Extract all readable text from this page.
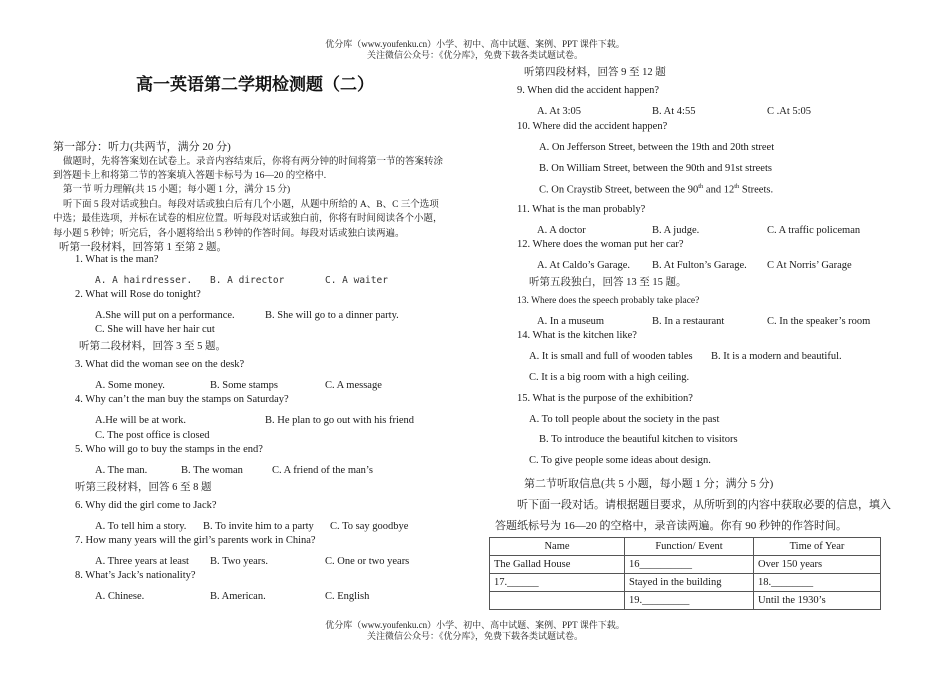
优分库（www.youfenku.cn）小学、初中、高中试题、案例、PPT 课件下载。
关注微信公众号：《优分库》，免费下载各类试题试卷。
高一英语第二学期检测题（二）
第一部分：听力(共两节，满分 20 分)
做题时，先将答案划在试卷上。录音内容结束后，你将有两分钟的时间将第一节的答案转涂
到答题卡上和将第二节的答案填入答题卡标号为 16—20 的空格中.
第一节 听力理解(共 15 小题；每小题 1 分，满分 15 分)
听下面 5 段对话或独白。每段对话或独白后有几个小题，从题中所给的 A、B、C 三个选项
中选；最佳选项，并标在试卷的相应位置。听每段对话或独白前，你将有时间阅读各个小题，
每小题 5 秒钟；听完后，各小题将给出 5 秒钟的作答时间。每段对话或独白读两遍。
听第一段材料，回答第 1 至第 2 题。
1. What is the man?
A. A hairdresser. B. A director	C. A waiter
2. What will Rose do tonight?
A.She will put on a performance.	B. She will go to a dinner party.
C. She will have her hair cut
听第二段材料，回答 3 至 5 题。
3. What did the woman see on the desk?
A. Some money.	B. Some stamps	C. A message
4. Why can’t the man buy the stamps on Saturday?
A.He will be at work.	B. He plan to go out with his friend
C. The post office is closed
5. Who will go to buy the stamps in the end?
A. The man.	B. The woman	C. A friend of the man’s
听第三段材料，回答 6 至 8 题
6. Why did the girl come to Jack?
A. To tell him a story. B. To invite him to a party C. To say goodbye
7. How many years will the girl’s parents work in China?
A. Three years at least B. Two years.	C. One or two years
8. What’s Jack’s nationality?
A. Chinese.	B. American.	C. English
听第四段材料，回答 9 至 12 题
9. When did the accident happen?
A. At 3:05	B. At 4:55	C .At 5:05
10. Where did the accident happen?
A. On Jefferson Street, between the 19th and 20th street
B. On William Street, between the 90th and 91st streets
C. On Craystib Street, between the 90th and 12th Streets.
11. What is the man probably?
A. A doctor	B. A judge.	C. A traffic policeman
12. Where does the woman put her car?
A. At Caldo’s Garage. B. At Fulton’s Garage. C At Norris’ Garage
听第五段独白，回答 13 至 15 题。
13. Where does the speech probably take place?
A. In a museum	B. In a restaurant	C. In the speaker’s room
14. What is the kitchen like?
A. It is small and full of wooden tables B. It is a modern and beautiful.
C. It is a big room with a high ceiling.
15. What is the purpose of the exhibition?
A. To toll people about the society in the past
B. To introduce the beautiful kitchen to visitors
C. To give people some ideas about design.
第二节听取信息(共 5 小题，每小题 1 分；满分 5 分)
听下面一段对话。请根据题目要求，从所听到的内容中获取必要的信息，填入
答题纸标号为 16—20 的空格中，录音读两遍。你有 90 秒钟的作答时间。
Name	Function/ Event	Time of Year
The Gallad House	16__________	Over 150 years
17.______	Stayed in the building	18.________
	19._________	Until the 1930’s
优分库（www.youfenku.cn）小学、初中、高中试题、案例、PPT 课件下载。
关注微信公众号：《优分库》，免费下载各类试题试卷。
